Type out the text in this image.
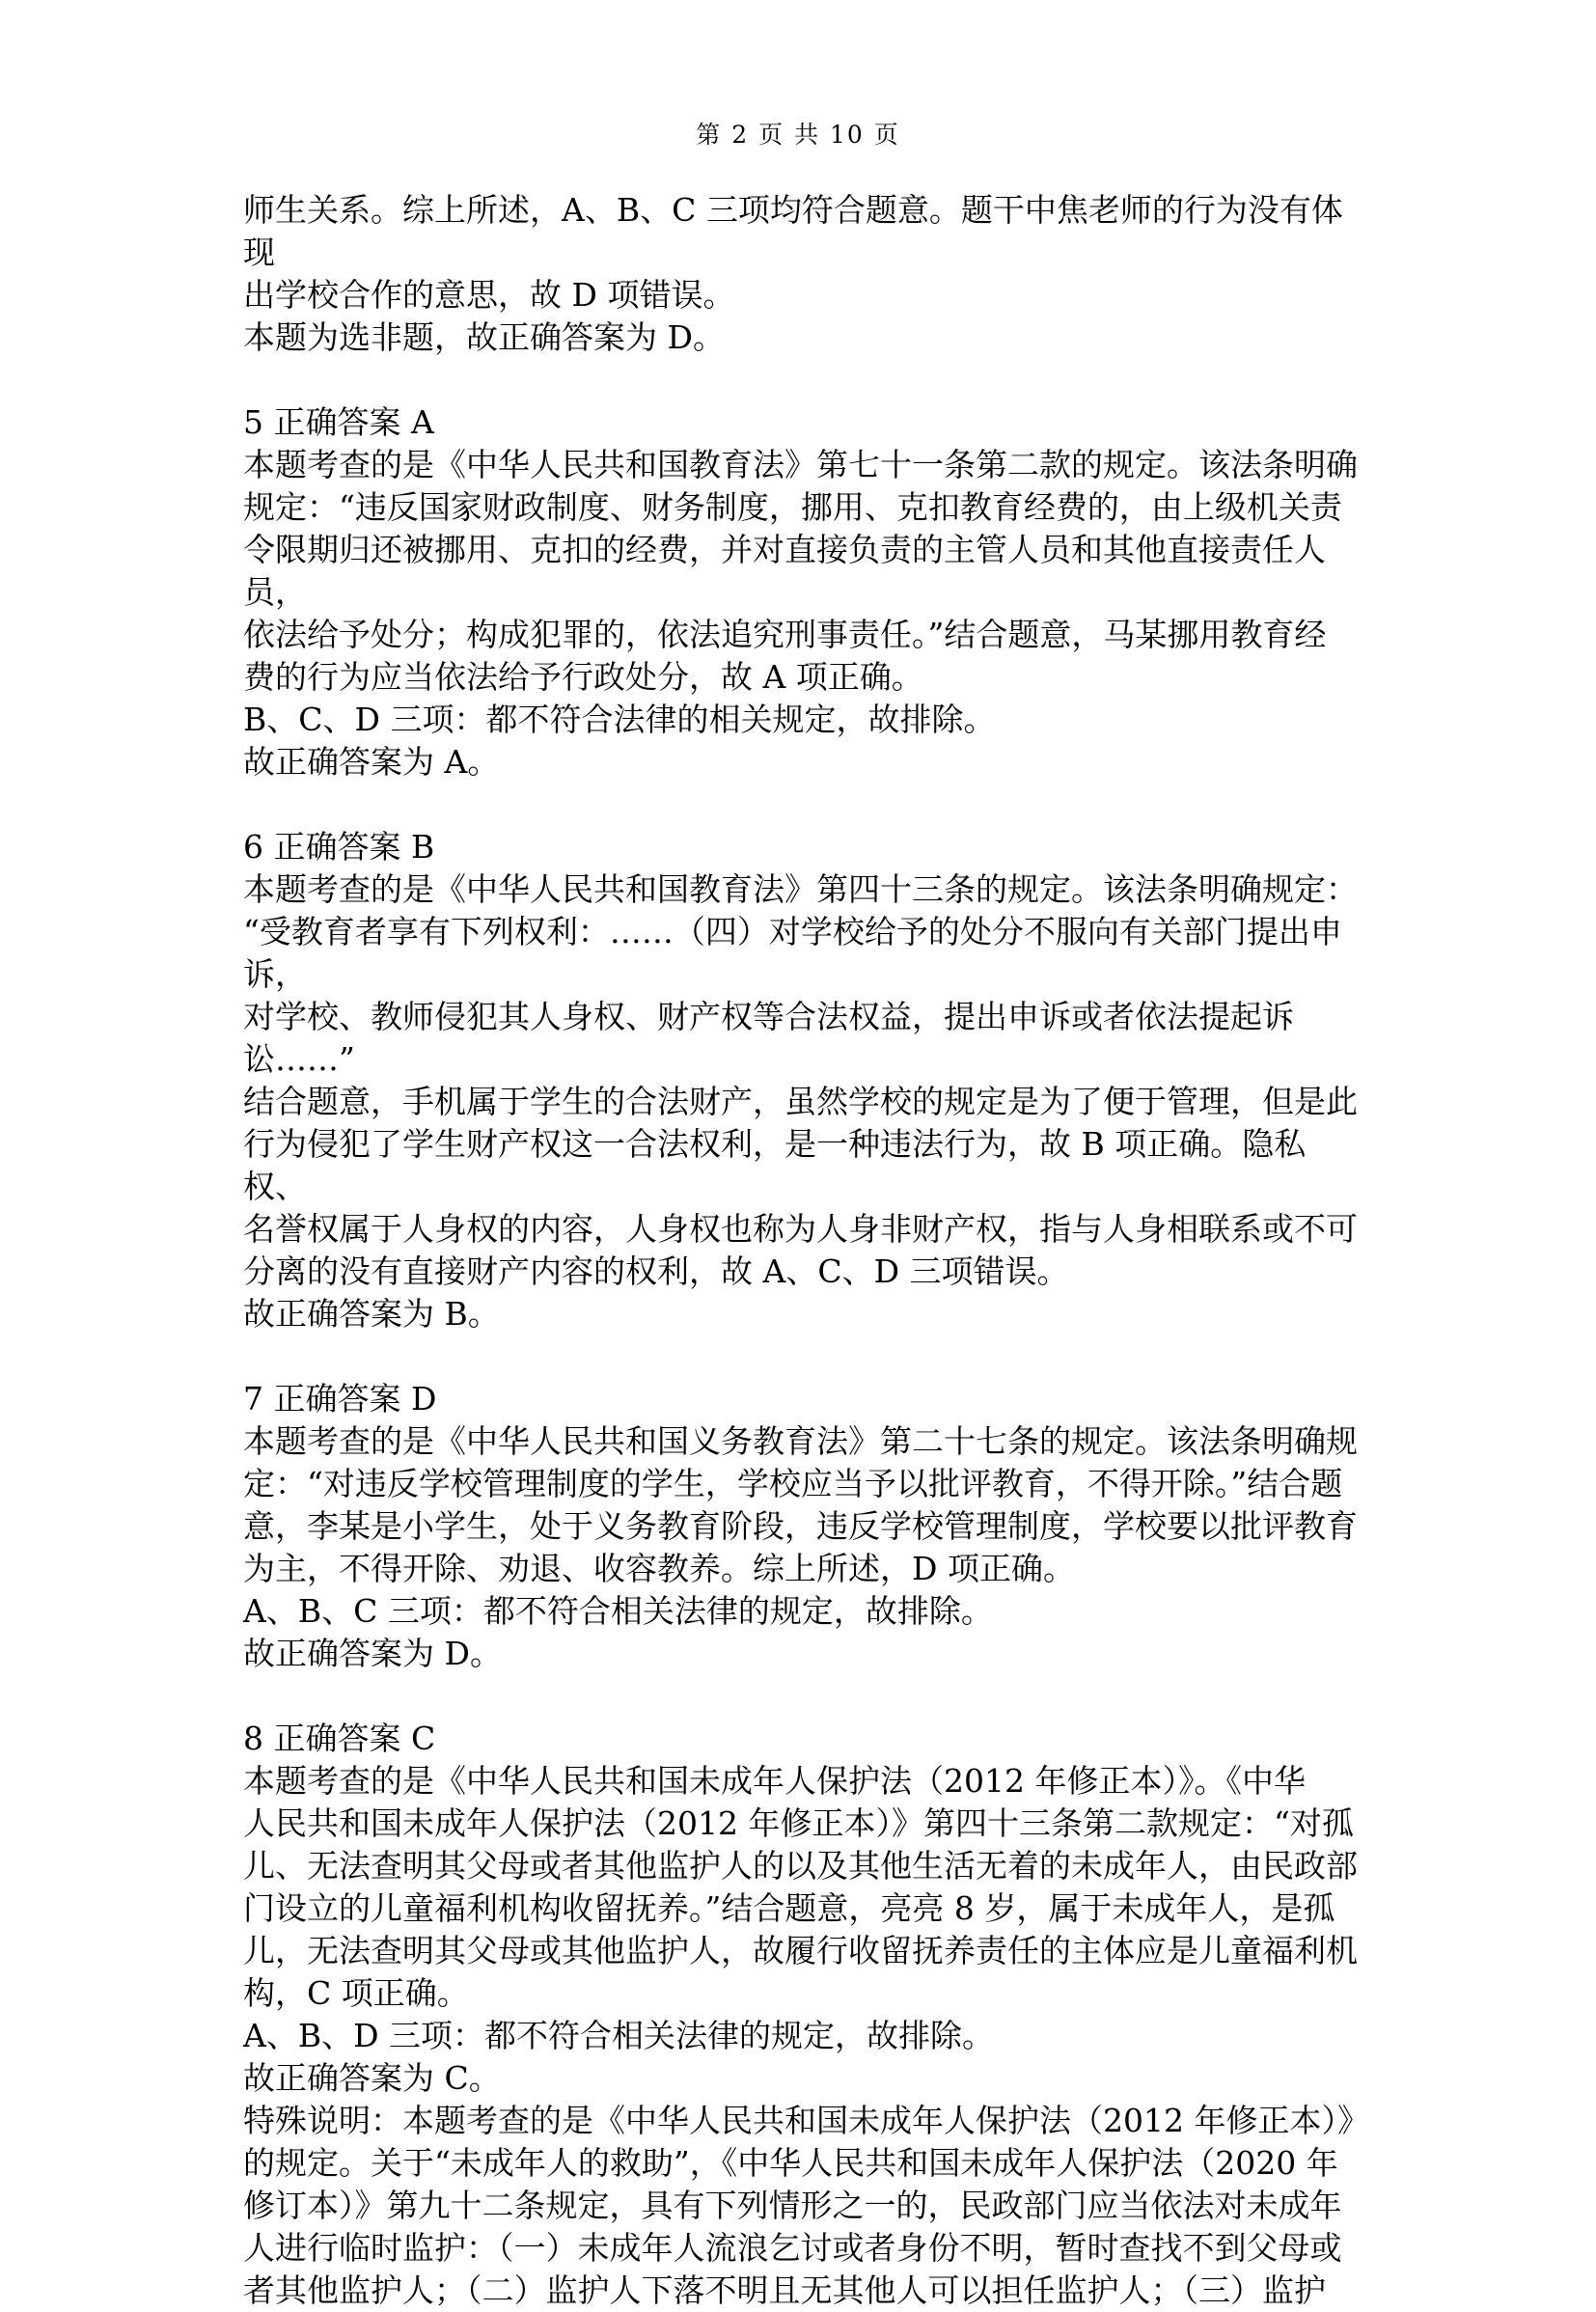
第 2 页 共 10 页

师生关系。综上所述，A、B、C 三项均符合题意。题干中焦老师的行为没有体现

出学校合作的意思，故 D 项错误。

本题为选非题，故正确答案为 D。

5 正确答案 A

本题考查的是《中华人民共和国教育法》第七十一条第二款的规定。该法条明确

规定：“违反国家财政制度、财务制度，挪用、克扣教育经费的，由上级机关责

令限期归还被挪用、克扣的经费，并对直接负责的主管人员和其他直接责任人员，

依法给予处分；构成犯罪的，依法追究刑事责任。”结合题意，马某挪用教育经

费的行为应当依法给予行政处分，故 A 项正确。

B、C、D 三项：都不符合法律的相关规定，故排除。

故正确答案为 A。

6 正确答案 B

本题考查的是《中华人民共和国教育法》第四十三条的规定。该法条明确规定：

“受教育者享有下列权利：……（四）对学校给予的处分不服向有关部门提出申诉，

对学校、教师侵犯其人身权、财产权等合法权益，提出申诉或者依法提起诉讼……”

结合题意，手机属于学生的合法财产，虽然学校的规定是为了便于管理，但是此

行为侵犯了学生财产权这一合法权利，是一种违法行为，故 B 项正确。隐私权、

名誉权属于人身权的内容，人身权也称为人身非财产权，指与人身相联系或不可

分离的没有直接财产内容的权利，故 A、C、D 三项错误。

故正确答案为 B。

7 正确答案 D

本题考查的是《中华人民共和国义务教育法》第二十七条的规定。该法条明确规

定：“对违反学校管理制度的学生，学校应当予以批评教育，不得开除。”结合题

意，李某是小学生，处于义务教育阶段，违反学校管理制度，学校要以批评教育

为主，不得开除、劝退、收容教养。综上所述，D 项正确。

A、B、C 三项：都不符合相关法律的规定，故排除。

故正确答案为 D。

8 正确答案 C

本题考查的是《中华人民共和国未成年人保护法（2012 年修正本）》。《中华

人民共和国未成年人保护法（2012 年修正本）》第四十三条第二款规定：“对孤

儿、无法查明其父母或者其他监护人的以及其他生活无着的未成年人，由民政部

门设立的儿童福利机构收留抚养。”结合题意，亮亮 8 岁，属于未成年人，是孤

儿，无法查明其父母或其他监护人，故履行收留抚养责任的主体应是儿童福利机

构，C 项正确。

A、B、D 三项：都不符合相关法律的规定，故排除。

故正确答案为 C。

特殊说明：本题考查的是《中华人民共和国未成年人保护法（2012 年修正本）》

的规定。关于“未成年人的救助”，《中华人民共和国未成年人保护法（2020 年

修订本）》第九十二条规定，具有下列情形之一的，民政部门应当依法对未成年

人进行临时监护：（一）未成年人流浪乞讨或者身份不明，暂时查找不到父母或

者其他监护人；（二）监护人下落不明且无其他人可以担任监护人；（三）监护
